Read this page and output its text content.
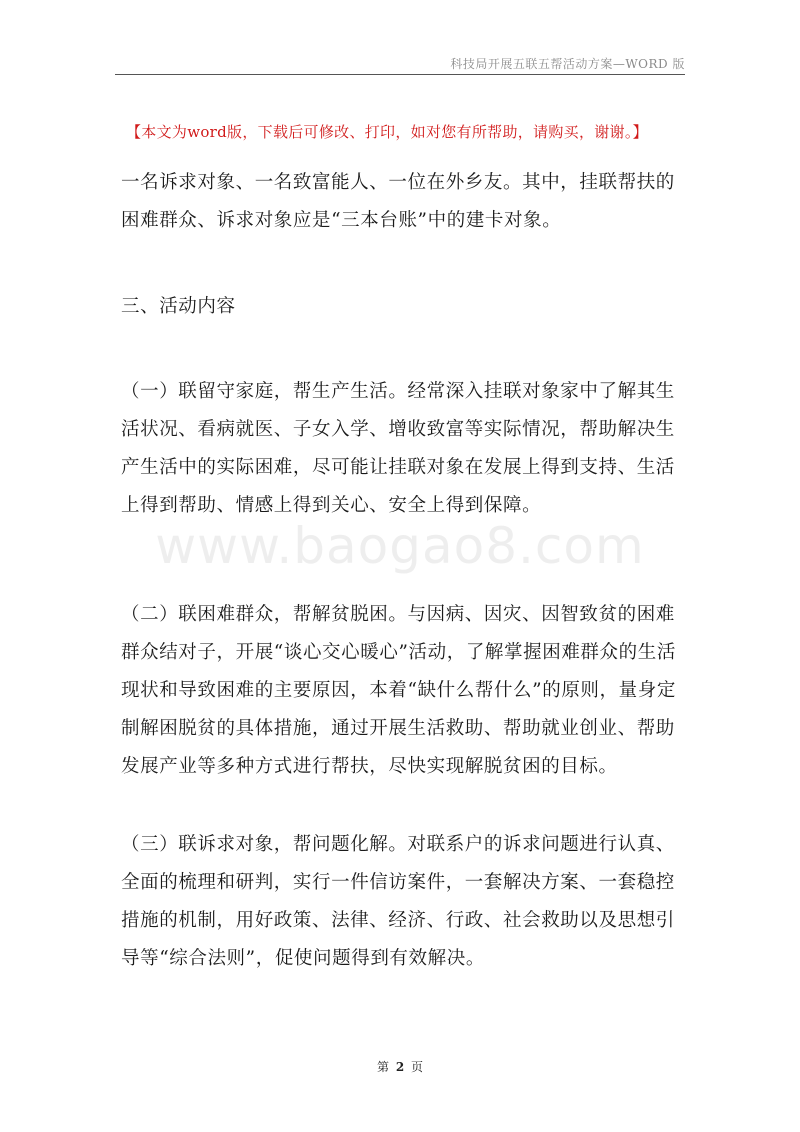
科技局开展五联五帮活动方案—WORD 版
【本文为word版，下载后可修改、打印，如对您有所帮助，请购买，谢谢。】

一名诉求对象、一名致富能人、一位在外乡友。其中，挂联帮扶的困难群众、诉求对象应是“三本台账”中的建卡对象。

三、活动内容

（一）联留守家庭，帮生产生活。经常深入挂联对象家中了解其生活状况、看病就医、子女入学、增收致富等实际情况，帮助解决生产生活中的实际困难，尽可能让挂联对象在发展上得到支持、生活上得到帮助、情感上得到关心、安全上得到保障。

（二）联困难群众，帮解贫脱困。与因病、因灾、因智致贫的困难群众结对子，开展“谈心交心暖心”活动，了解掌握困难群众的生活现状和导致困难的主要原因，本着“缺什么帮什么”的原则，量身定制解困脱贫的具体措施，通过开展生活救助、帮助就业创业、帮助发展产业等多种方式进行帮扶，尽快实现解脱贫困的目标。

（三）联诉求对象，帮问题化解。对联系户的诉求问题进行认真、全面的梳理和研判，实行一件信访案件，一套解决方案、一套稳控措施的机制，用好政策、法律、经济、行政、社会救助以及思想引导等“综合法则”，促使问题得到有效解决。

www.baogao8.com
第 2 页
